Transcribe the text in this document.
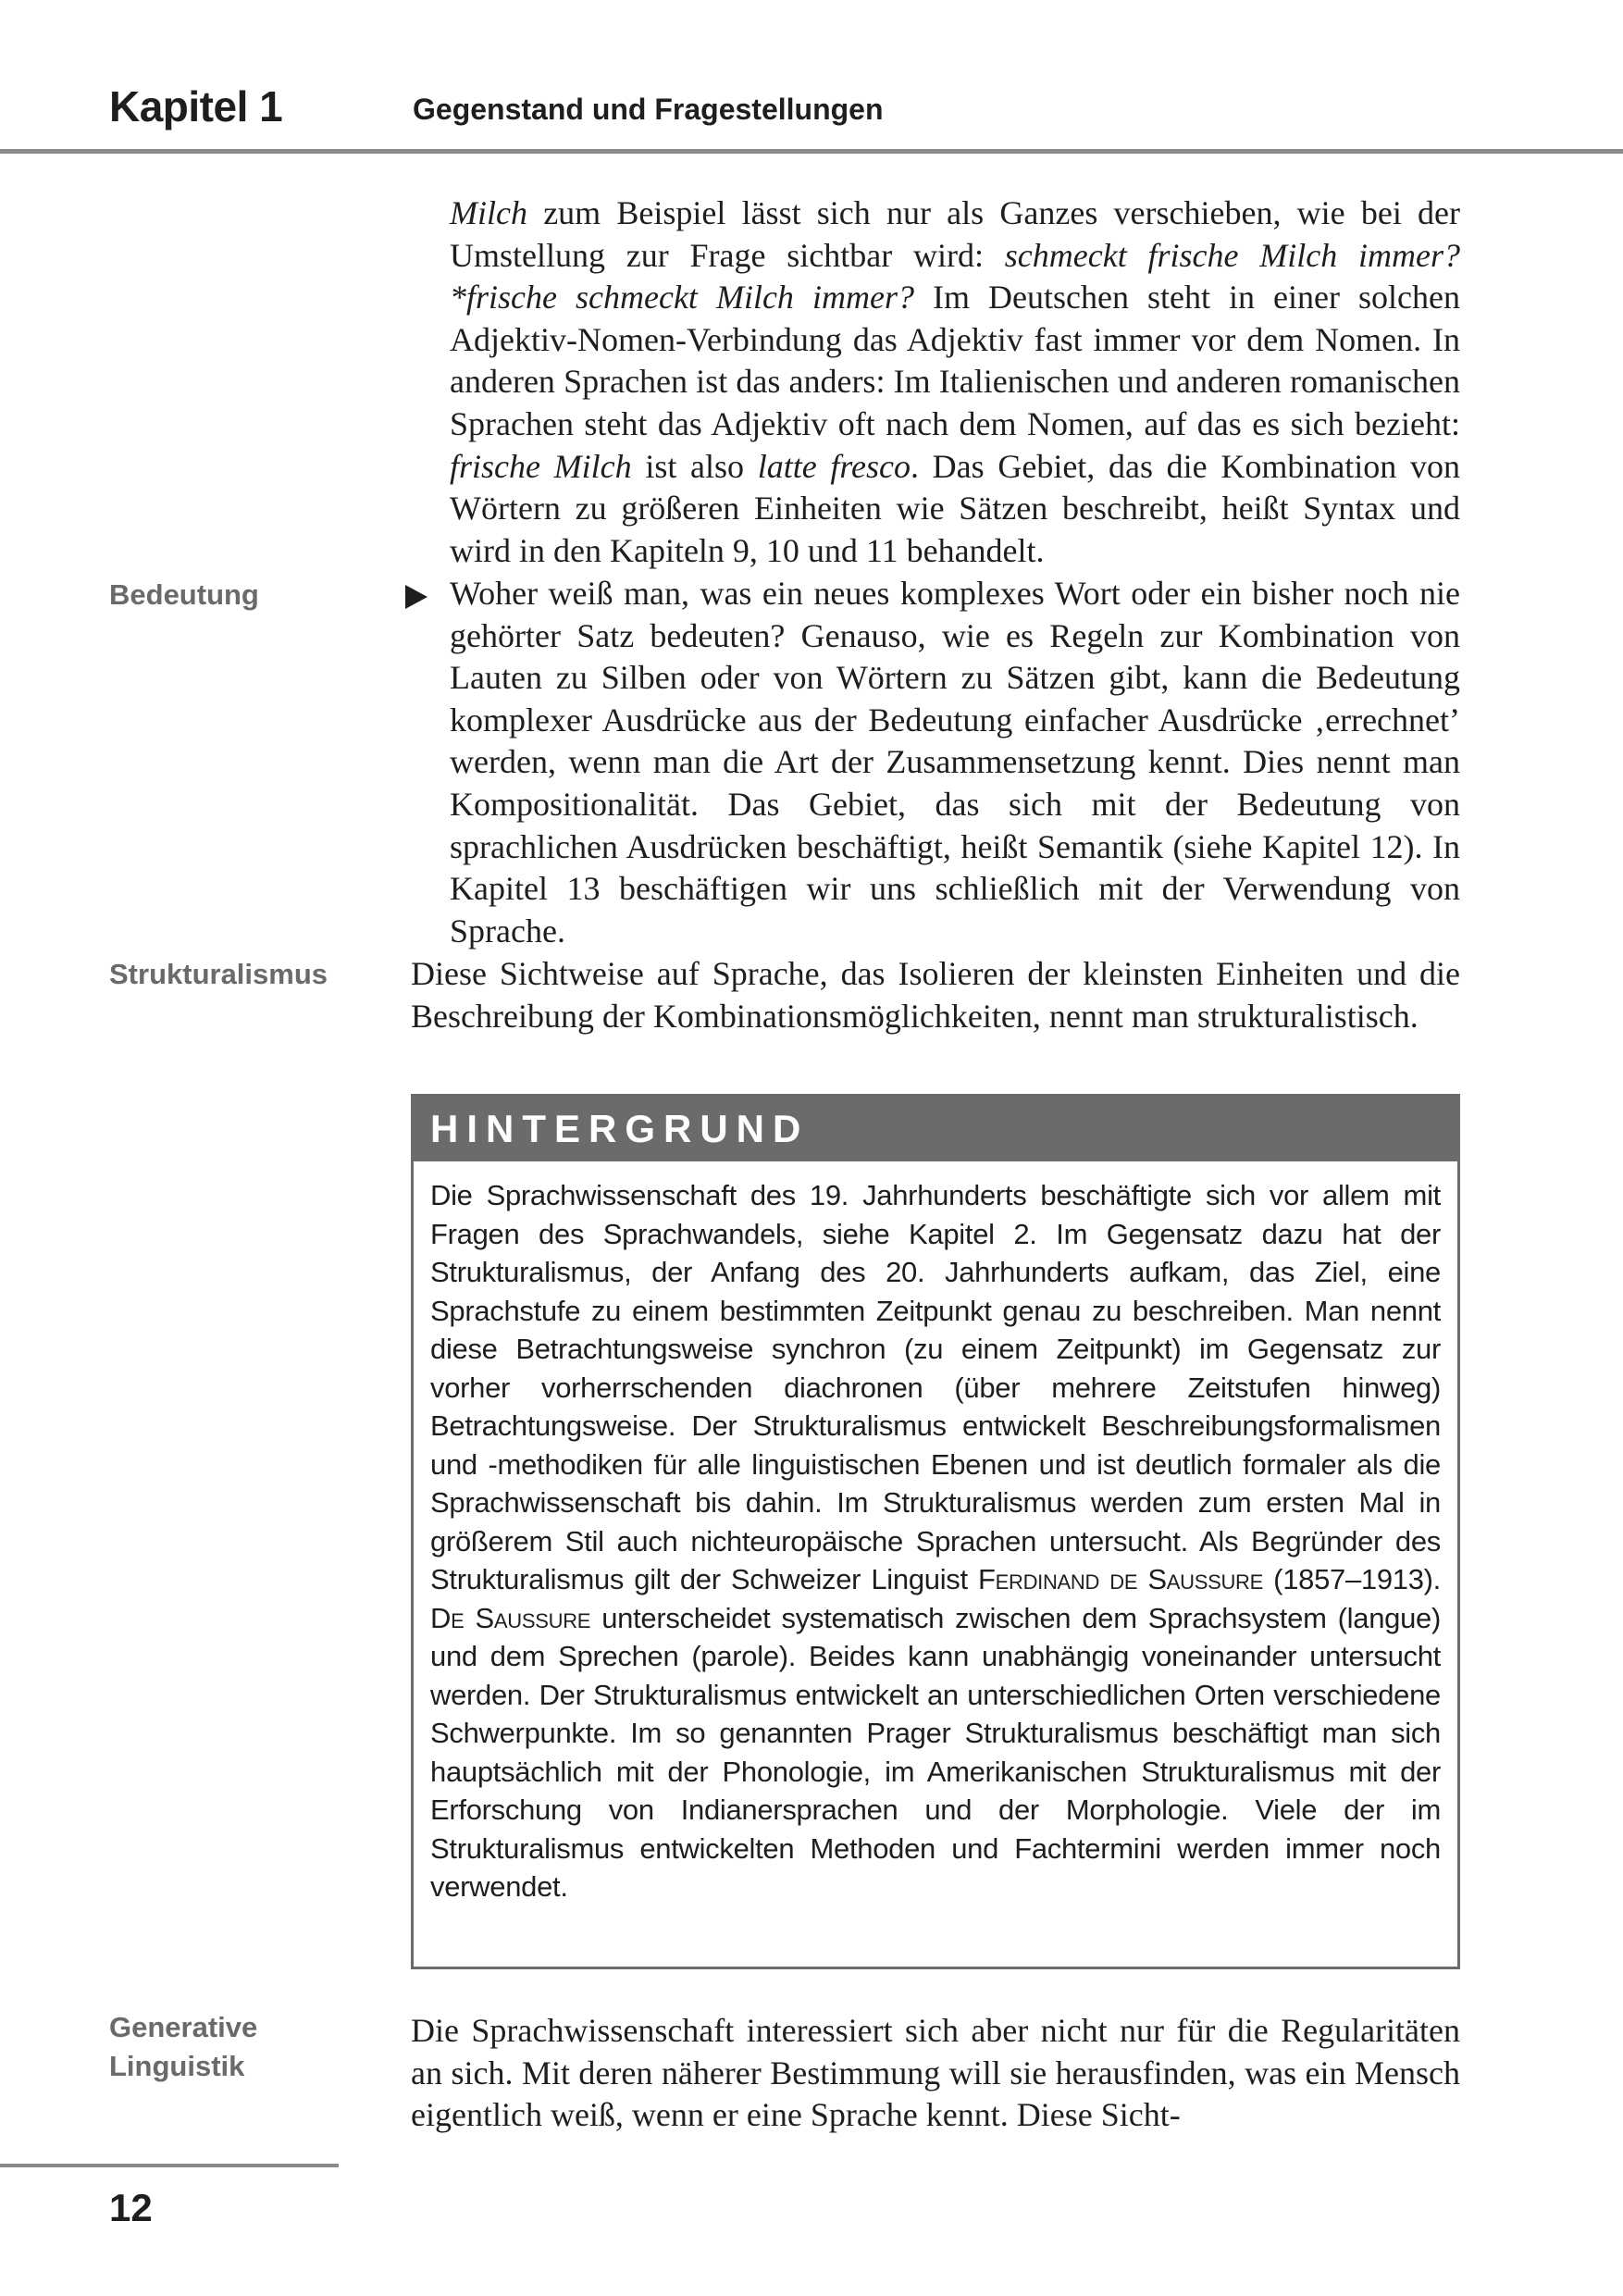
Kapitel 1	Gegenstand und Fragestellungen
Bedeutung
Strukturalismus
Generative
Linguistik

Milch zum Beispiel lässt sich nur als Ganzes verschieben, wie bei der Umstellung zur Frage sichtbar wird: schmeckt frische Milch immer? *frische schmeckt Milch immer? Im Deutschen steht in einer solchen Adjektiv-Nomen-Verbindung das Adjektiv fast immer vor dem Nomen. In anderen Sprachen ist das anders: Im Italienischen und anderen romanischen Sprachen steht das Adjektiv oft nach dem Nomen, auf das es sich bezieht: frische Milch ist also latte fresco. Das Gebiet, das die Kombination von Wörtern zu größeren Einheiten wie Sätzen beschreibt, heißt Syntax und wird in den Kapiteln 9, 10 und 11 behandelt.

Woher weiß man, was ein neues komplexes Wort oder ein bisher noch nie gehörter Satz bedeuten? Genauso, wie es Regeln zur Kombination von Lauten zu Silben oder von Wörtern zu Sätzen gibt, kann die Bedeutung komplexer Ausdrücke aus der Bedeutung einfacher Ausdrücke ‚errechnet’ werden, wenn man die Art der Zusammensetzung kennt. Dies nennt man Kompositionalität. Das Gebiet, das sich mit der Bedeutung von sprachlichen Ausdrücken beschäftigt, heißt Semantik (siehe Kapitel 12). In Kapitel 13 beschäftigen wir uns schließlich mit der Verwendung von Sprache.

Diese Sichtweise auf Sprache, das Isolieren der kleinsten Einheiten und die Beschreibung der Kombinationsmöglichkeiten, nennt man strukturalistisch.

HINTERGRUND

Die Sprachwissenschaft des 19. Jahrhunderts beschäftigte sich vor allem mit Fragen des Sprachwandels, siehe Kapitel 2. Im Gegensatz dazu hat der Strukturalismus, der Anfang des 20. Jahrhunderts aufkam, das Ziel, eine Sprachstufe zu einem bestimmten Zeitpunkt genau zu beschreiben. Man nennt diese Betrachtungsweise synchron (zu einem Zeitpunkt) im Gegensatz zur vorher vorherrschenden diachronen (über mehrere Zeitstufen hinweg) Betrachtungsweise. Der Strukturalismus entwickelt Beschreibungsformalismen und -methodiken für alle linguistischen Ebenen und ist deutlich formaler als die Sprachwissenschaft bis dahin. Im Strukturalismus werden zum ersten Mal in größerem Stil auch nichteuropäische Sprachen untersucht. Als Begründer des Strukturalismus gilt der Schweizer Linguist Ferdinand de Saussure (1857–1913). De Saussure unterscheidet systematisch zwischen dem Sprachsystem (langue) und dem Sprechen (parole). Beides kann unabhängig voneinander untersucht werden. Der Strukturalismus entwickelt an unterschiedlichen Orten verschiedene Schwerpunkte. Im so genannten Prager Strukturalismus beschäftigt man sich hauptsächlich mit der Phonologie, im Amerikanischen Strukturalismus mit der Erforschung von Indianersprachen und der Morphologie. Viele der im Strukturalismus entwickelten Methoden und Fachtermini werden immer noch verwendet.

Die Sprachwissenschaft interessiert sich aber nicht nur für die Regularitäten an sich. Mit deren näherer Bestimmung will sie herausfinden, was ein Mensch eigentlich weiß, wenn er eine Sprache kennt. Diese Sicht-

12
